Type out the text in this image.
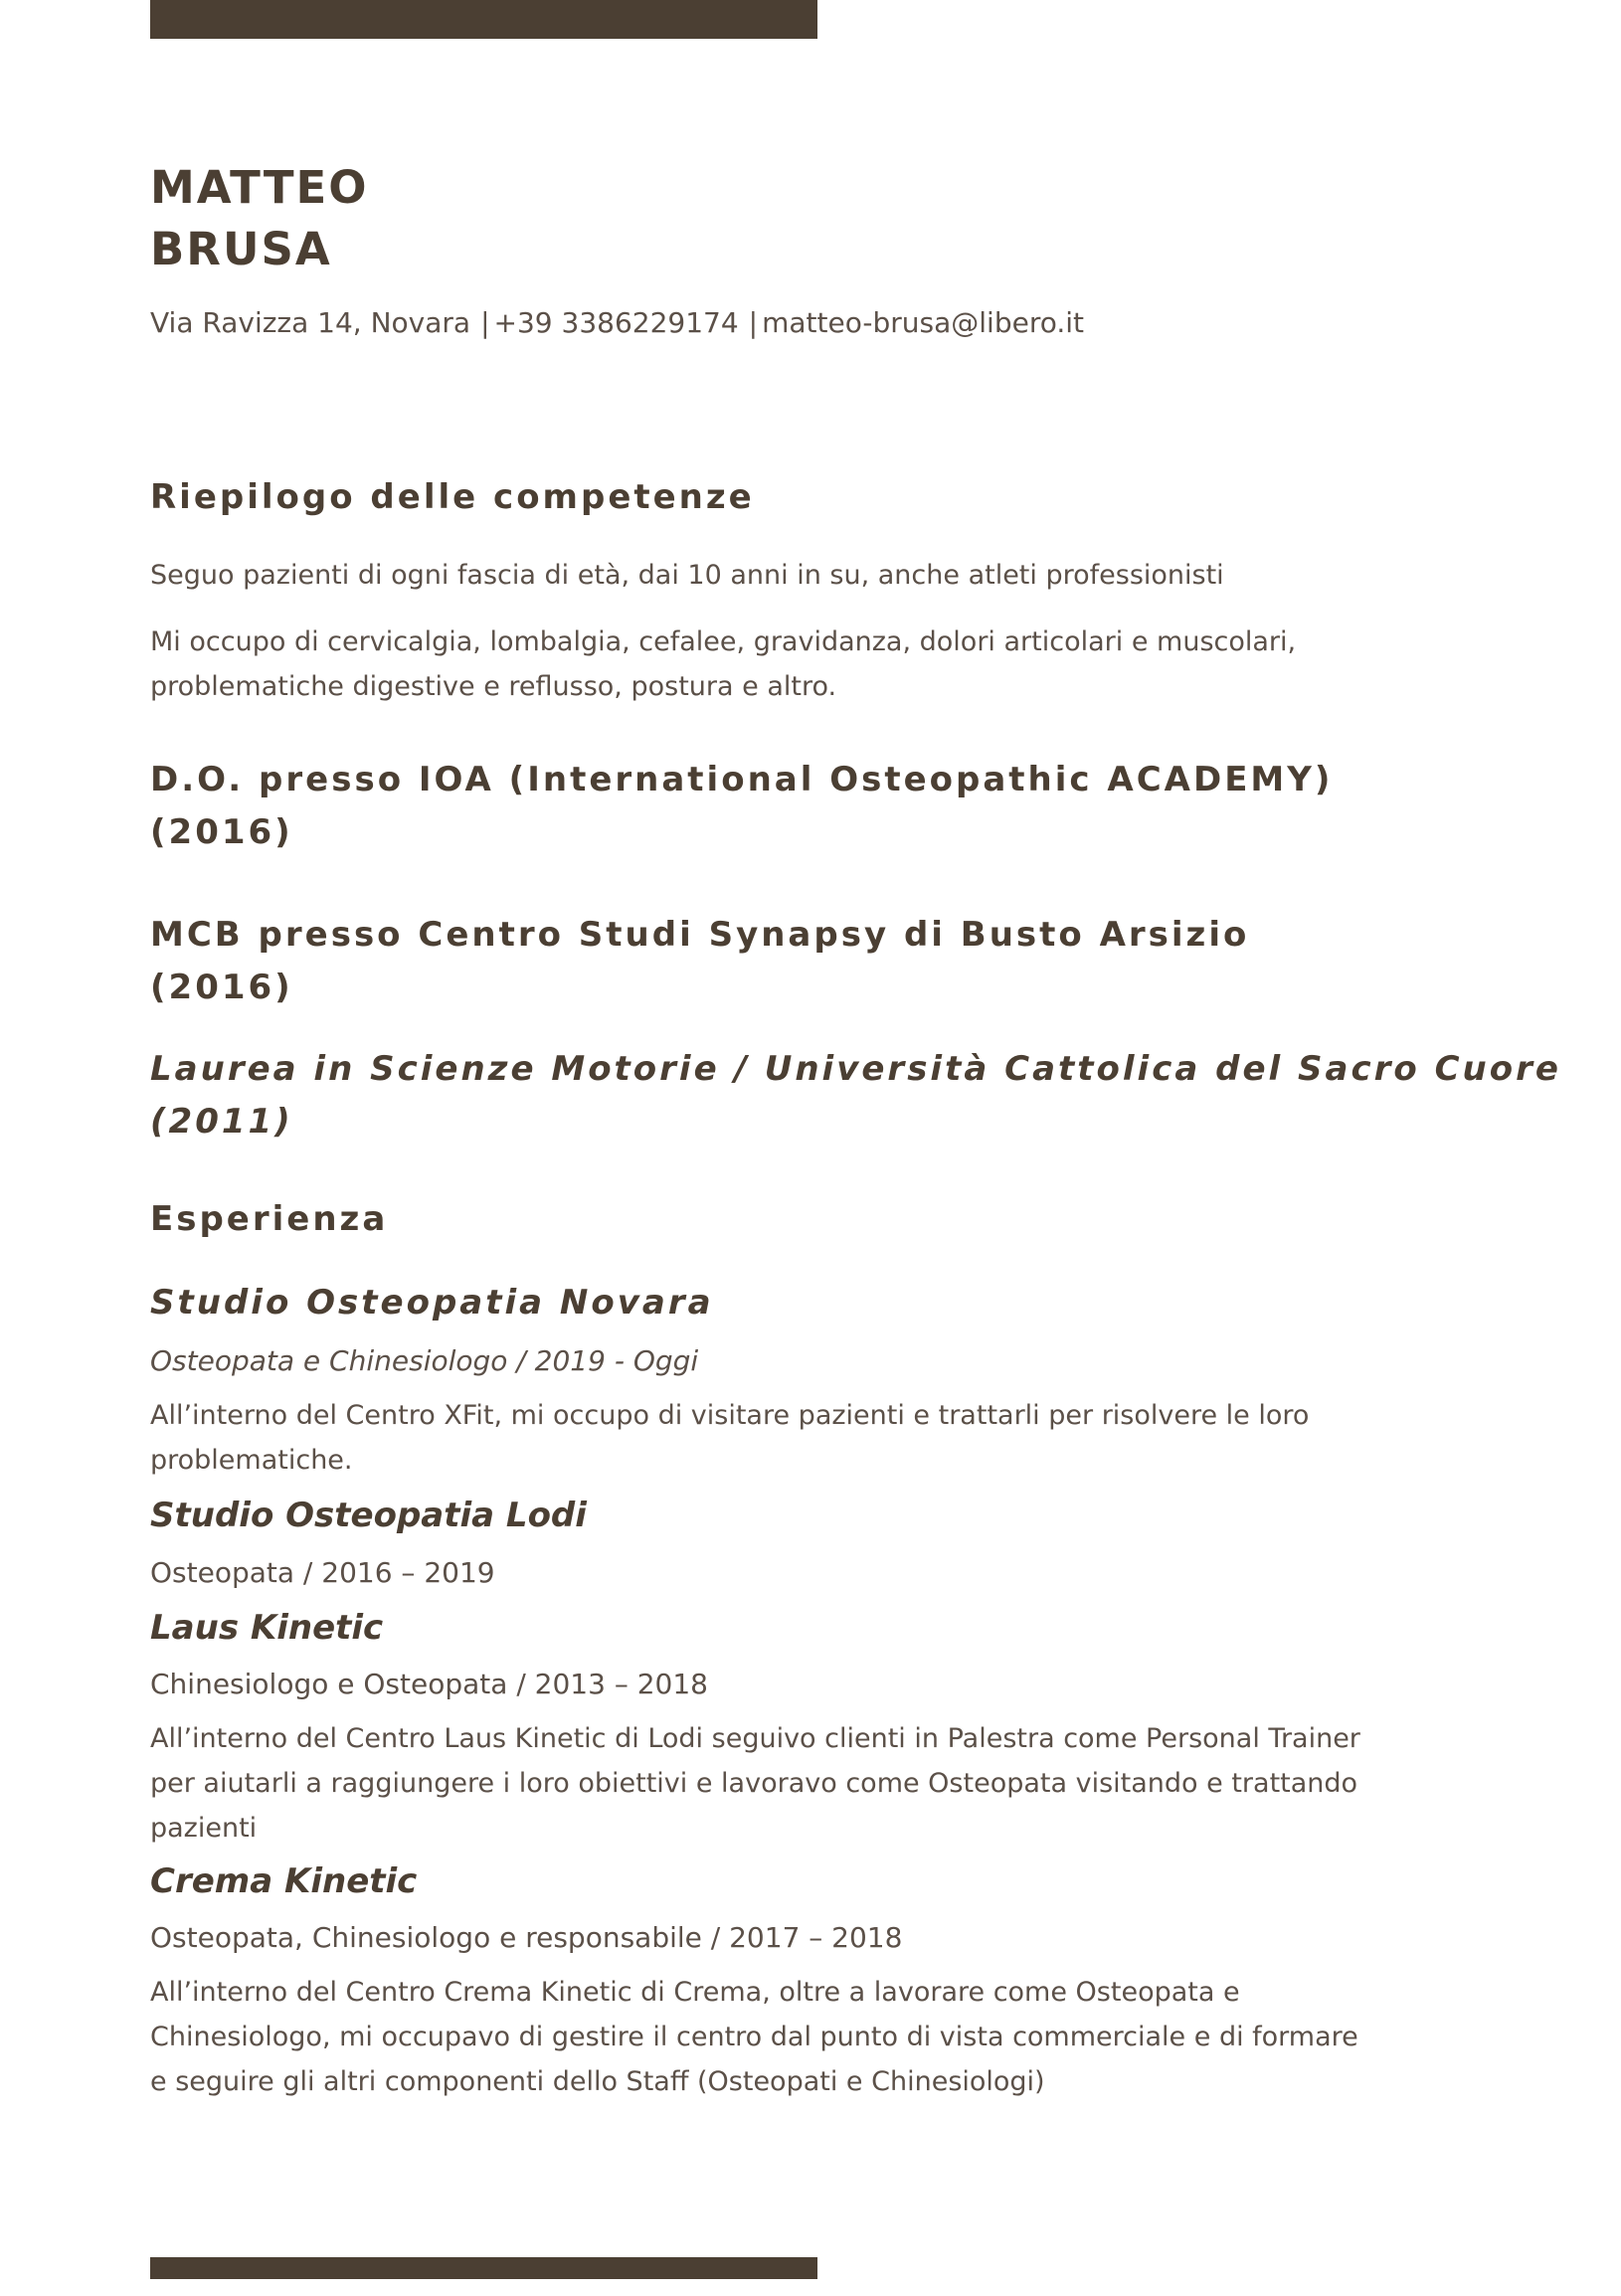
MATTEO
BRUSA
Via Ravizza 14, Novara | +39 3386229174 | matteo-brusa@libero.it
Riepilogo delle competenze

Seguo pazienti di ogni fascia di età, dai 10 anni in su, anche atleti professionisti

Mi occupo di cervicalgia, lombalgia, cefalee, gravidanza, dolori articolari e muscolari,
problematiche digestive e reflusso, postura e altro.

D.O. presso IOA (International Osteopathic ACADEMY)
(2016)
MCB presso Centro Studi Synapsy di Busto Arsizio
(2016)
Laurea in Scienze Motorie / Università Cattolica del Sacro Cuore
(2011)
Esperienza
Studio Osteopatia Novara

Osteopata e Chinesiologo / 2019 - Oggi

All’interno del Centro XFit, mi occupo di visitare pazienti e trattarli per risolvere le loro
problematiche.

Studio Osteopatia Lodi

Osteopata / 2016 – 2019

Laus Kinetic

Chinesiologo e Osteopata / 2013 – 2018

All’interno del Centro Laus Kinetic di Lodi seguivo clienti in Palestra come Personal Trainer
per aiutarli a raggiungere i loro obiettivi e lavoravo come Osteopata visitando e trattando
pazienti

Crema Kinetic

Osteopata, Chinesiologo e responsabile / 2017 – 2018

All’interno del Centro Crema Kinetic di Crema, oltre a lavorare come Osteopata e
Chinesiologo, mi occupavo di gestire il centro dal punto di vista commerciale e di formare
e seguire gli altri componenti dello Staff (Osteopati e Chinesiologi)
